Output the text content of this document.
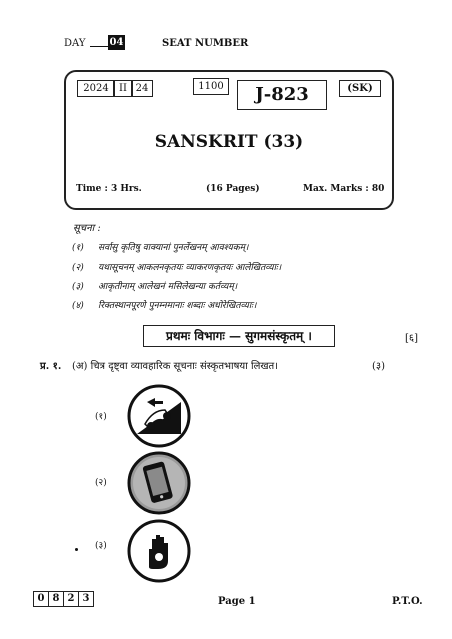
DAY 04	SEAT NUMBER
2024	II 24	1100	J-823	(SK)
SANSKRIT (33)
Time : 3 Hrs.	(16 Pages)	Max. Marks : 80
सूचना :
(१) सर्वासु कृतिषु वाक्यानां पुनर्लेखनम् आवश्यकम्।
(२) यथासूचनम् आकलनकृतयः व्याकरणकृतयः आलेखितव्याः।
(३) आकृतीनाम् आलेखनं मसिलेखन्या कर्तव्यम्।
(४) रिक्तस्थानपूरणे पुनम्नमानाः शब्दाः अधोरेखितव्याः।
प्रथमः विभागः — सुगमसंस्कृतम् ।	[६]
प्र. १. (अ) चित्र दृष्ट्वा व्यावहारिक सूचनाः संस्कृतभाषया लिखत।	(३)
(१)
(२)
(३)
0 8 2 3	Page 1	P.T.O.
